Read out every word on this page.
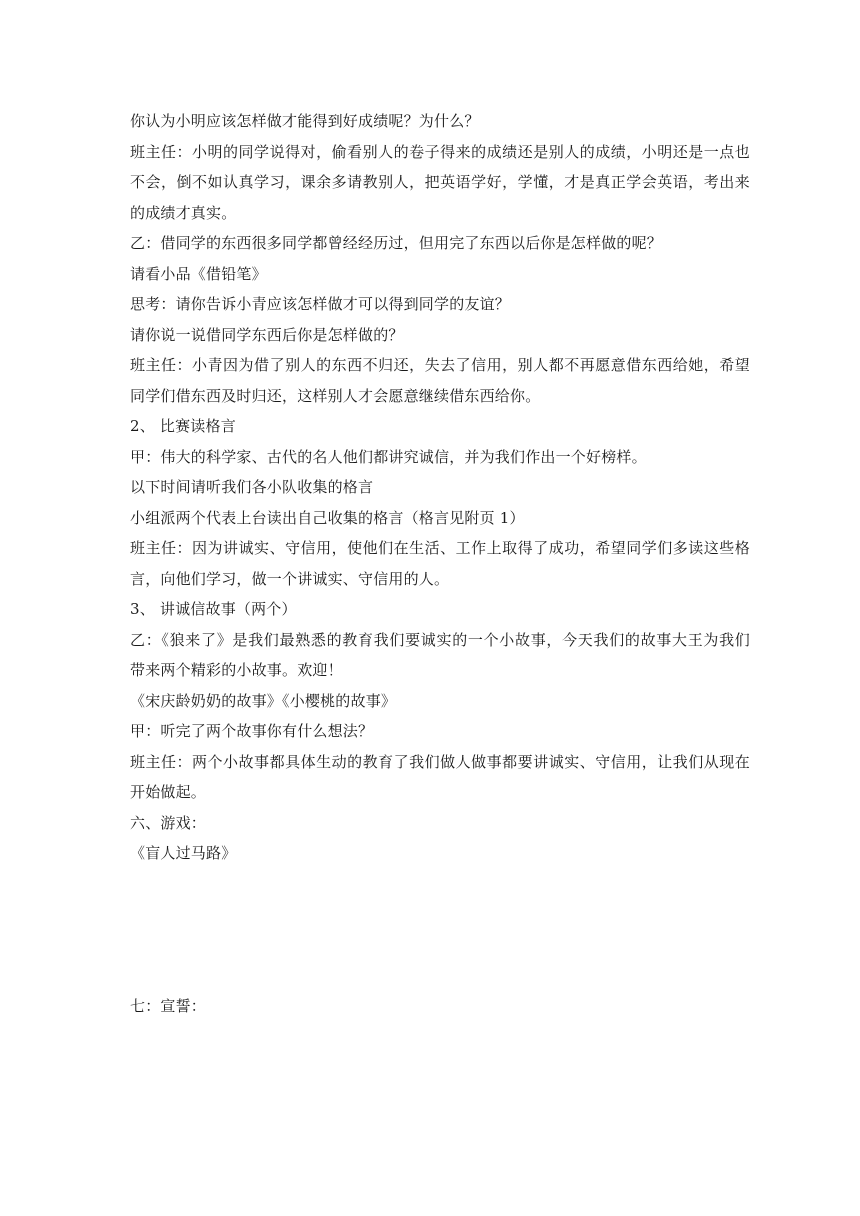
你认为小明应该怎样做才能得到好成绩呢？为什么？
班主任：小明的同学说得对，偷看别人的卷子得来的成绩还是别人的成绩，小明还是一点也
不会，倒不如认真学习，课余多请教别人，把英语学好，学懂，才是真正学会英语，考出来
的成绩才真实。
乙：借同学的东西很多同学都曾经经历过，但用完了东西以后你是怎样做的呢？
请看小品《借铅笔》
思考：请你告诉小青应该怎样做才可以得到同学的友谊？
请你说一说借同学东西后你是怎样做的？
班主任：小青因为借了别人的东西不归还，失去了信用，别人都不再愿意借东西给她，希望
同学们借东西及时归还，这样别人才会愿意继续借东西给你。
2、 比赛读格言
甲：伟大的科学家、古代的名人他们都讲究诚信，并为我们作出一个好榜样。
以下时间请听我们各小队收集的格言
小组派两个代表上台读出自己收集的格言（格言见附页 1）
班主任：因为讲诚实、守信用，使他们在生活、工作上取得了成功，希望同学们多读这些格
言，向他们学习，做一个讲诚实、守信用的人。
3、 讲诚信故事（两个）
乙：《狼来了》是我们最熟悉的教育我们要诚实的一个小故事，今天我们的故事大王为我们
带来两个精彩的小故事。欢迎！
《宋庆龄奶奶的故事》《小樱桃的故事》
甲：听完了两个故事你有什么想法？
班主任：两个小故事都具体生动的教育了我们做人做事都要讲诚实、守信用，让我们从现在
开始做起。
六、游戏：
《盲人过马路》
七：宣誓：
